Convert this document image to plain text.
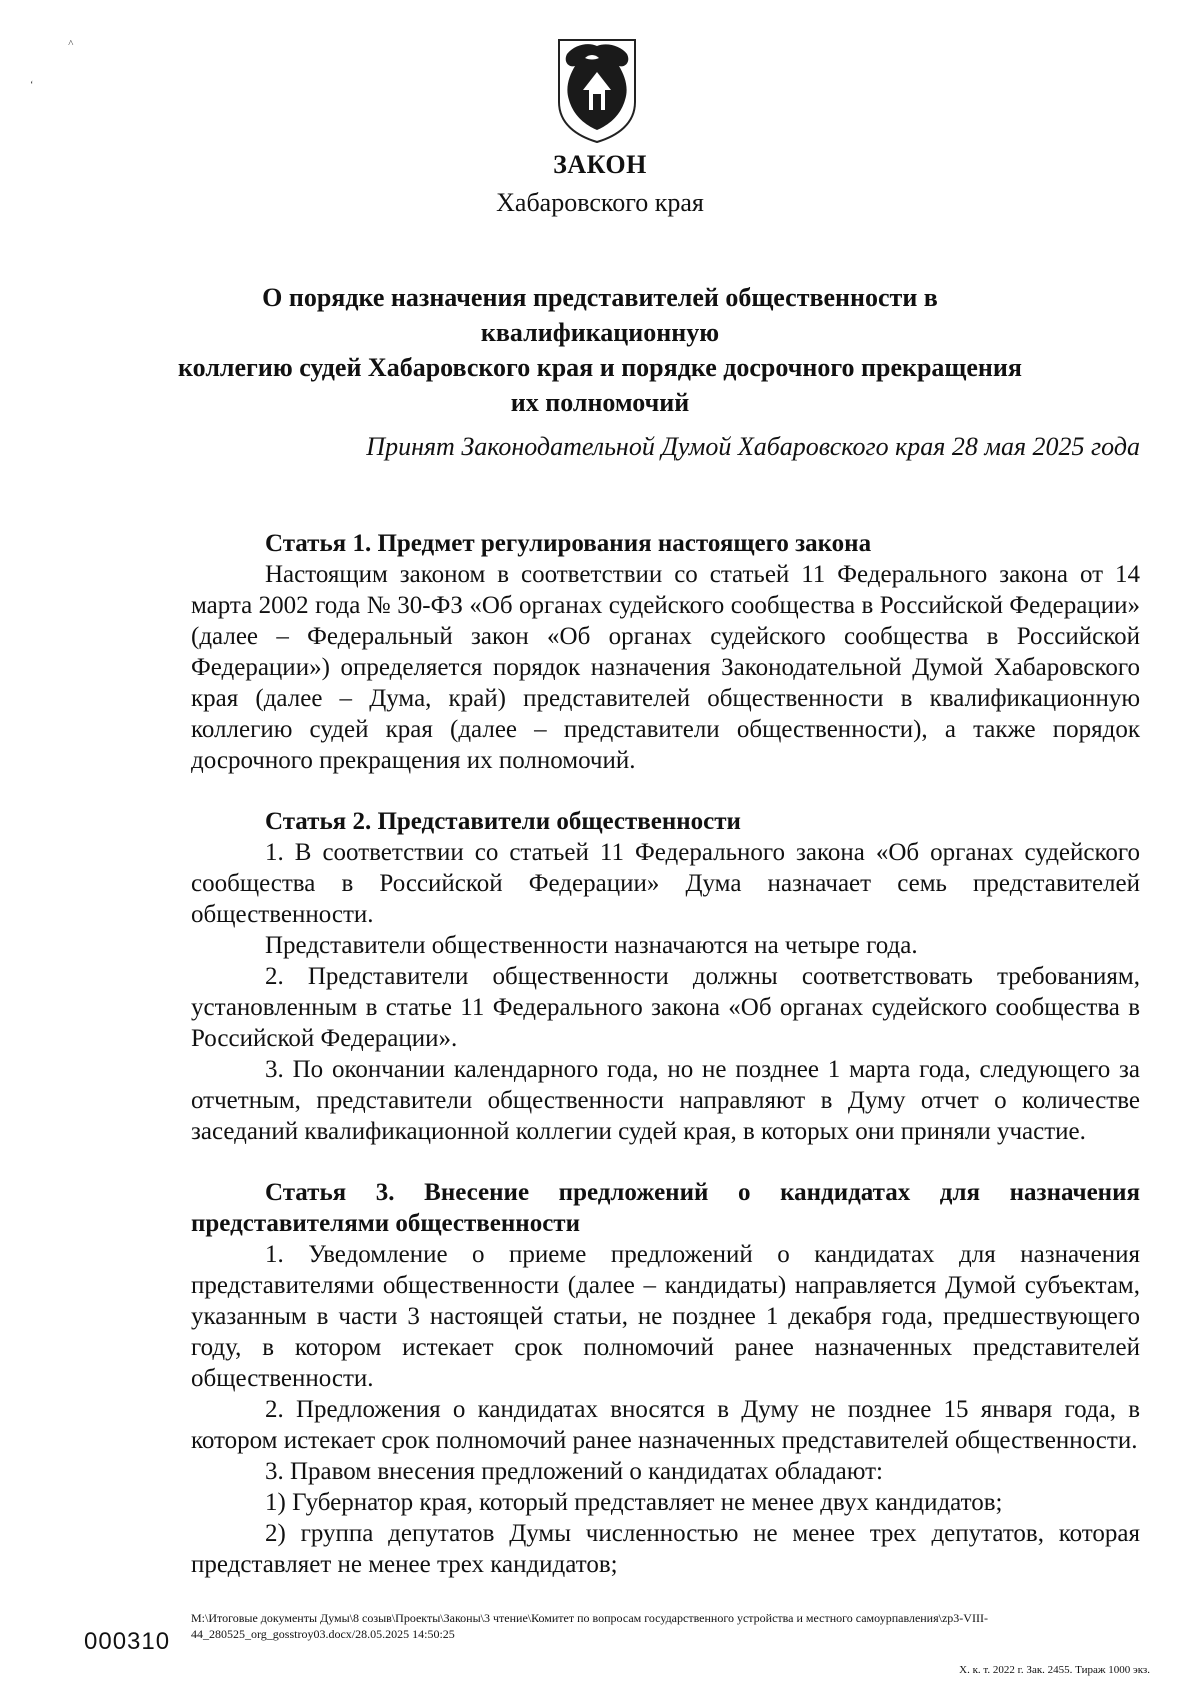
˄
ʻ
ЗАКОН
Хабаровского края
О порядке назначения представителей общественности в квалификационную
коллегию судей Хабаровского края и порядке досрочного прекращения
их полномочий
Принят Законодательной Думой Хабаровского края 28 мая 2025 года
Статья 1. Предмет регулирования настоящего закона

Настоящим законом в соответствии со статьей 11 Федерального закона от 14 марта 2002 года № 30-ФЗ «Об органах судейского сообщества в Российской Федерации» (далее – Федеральный закон «Об органах судейского сообщества в Российской Федерации») определяется порядок назначения Законодательной Думой Хабаровского края (далее – Дума, край) представителей общественности в квалификационную коллегию судей края (далее – представители общественности), а также порядок досрочного прекращения их полномочий.

Статья 2. Представители общественности

1. В соответствии со статьей 11 Федерального закона «Об органах судейского сообщества в Российской Федерации» Дума назначает семь представителей общественности.

Представители общественности назначаются на четыре года.

2. Представители общественности должны соответствовать требованиям, установленным в статье 11 Федерального закона «Об органах судейского сообщества в Российской Федерации».

3. По окончании календарного года, но не позднее 1 марта года, следующего за отчетным, представители общественности направляют в Думу отчет о количестве заседаний квалификационной коллегии судей края, в которых они приняли участие.

Статья 3. Внесение предложений о кандидатах для назначения представителями общественности

1. Уведомление о приеме предложений о кандидатах для назначения представителями общественности (далее – кандидаты) направляется Думой субъектам, указанным в части 3 настоящей статьи, не позднее 1 декабря года, предшествующего году, в котором истекает срок полномочий ранее назначенных представителей общественности.

2. Предложения о кандидатах вносятся в Думу не позднее 15 января года, в котором истекает срок полномочий ранее назначенных представителей общественности.

3. Правом внесения предложений о кандидатах обладают:

1) Губернатор края, который представляет не менее двух кандидатов;

2) группа депутатов Думы численностью не менее трех депутатов, которая представляет не менее трех кандидатов;

M:\Итоговые документы Думы\8 созыв\Проекты\Законы\3 чтение\Комитет по вопросам государственного устройства и местного самоурпавления\zp3-VIII-44_280525_org_gosstroy03.docx/28.05.2025 14:50:25
000310
Х. к. т. 2022 г. Зак. 2455. Тираж 1000 экз.
